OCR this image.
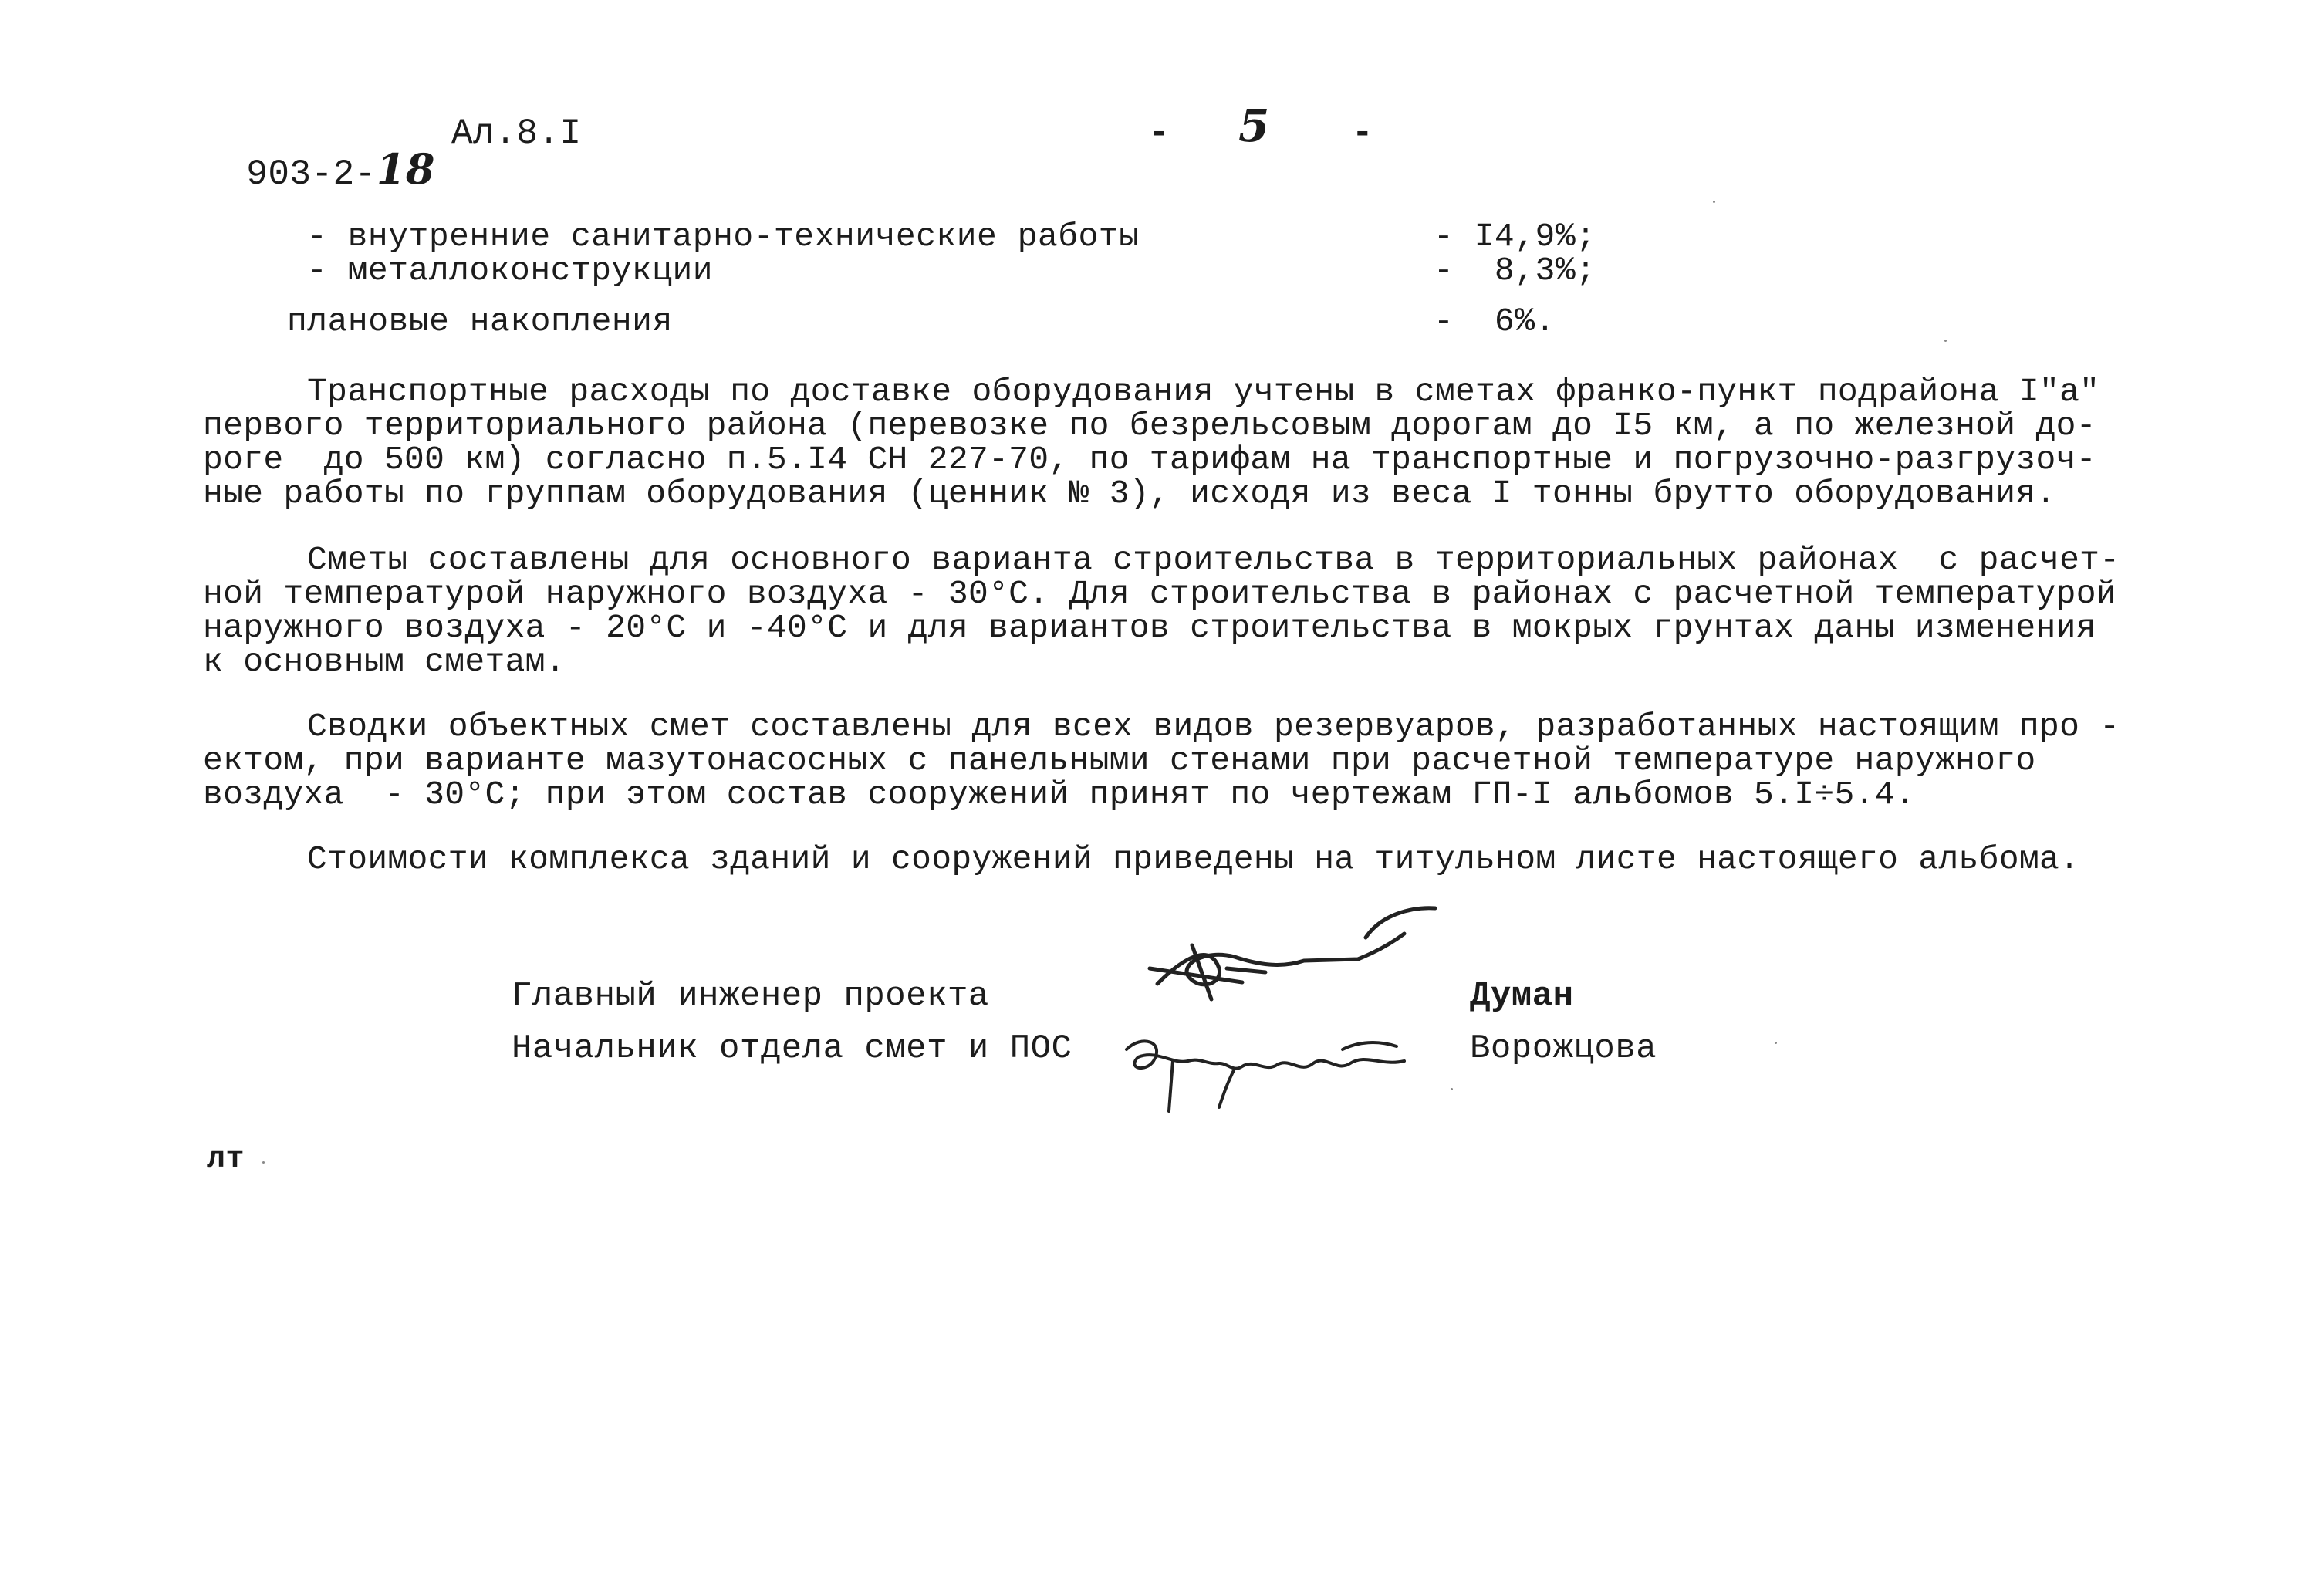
903-2-18

Ал.8.I	- 5 -
- внутренние санитарно-технические работы	- I4,9%;
- металлоконструкции	-  8,3%;
плановые накопления	-  6%.
Транспортные расходы по доставке оборудования учтены в сметах франко-пункт подрайона I"а"
первого территориального района (перевозке по безрельсовым дорогам до I5 км, а по железной до-
роге  до 500 км) согласно п.5.I4 СН 227-70, по тарифам на транспортные и погрузочно-разгрузоч-
ные работы по группам оборудования (ценник № 3), исходя из веса I тонны брутто оборудования.
Сметы составлены для основного варианта строительства в территориальных районах  с расчет-
ной температурой наружного воздуха - 30°С. Для строительства в районах с расчетной температурой
наружного воздуха - 20°С и -40°С и для вариантов строительства в мокрых грунтах даны изменения
к основным сметам.
Сводки объектных смет составлены для всех видов резервуаров, разработанных настоящим про -
ектом, при варианте мазутонасосных с панельными стенами при расчетной температуре наружного
воздуха  - 30°С; при этом состав сооружений принят по чертежам ГП-I альбомов 5.I÷5.4.
Стоимости комплекса зданий и сооружений приведены на титульном листе настоящего альбома.
Главный инженер проекта	Думан
Начальник отдела смет и ПОС	Ворожцова
лт
